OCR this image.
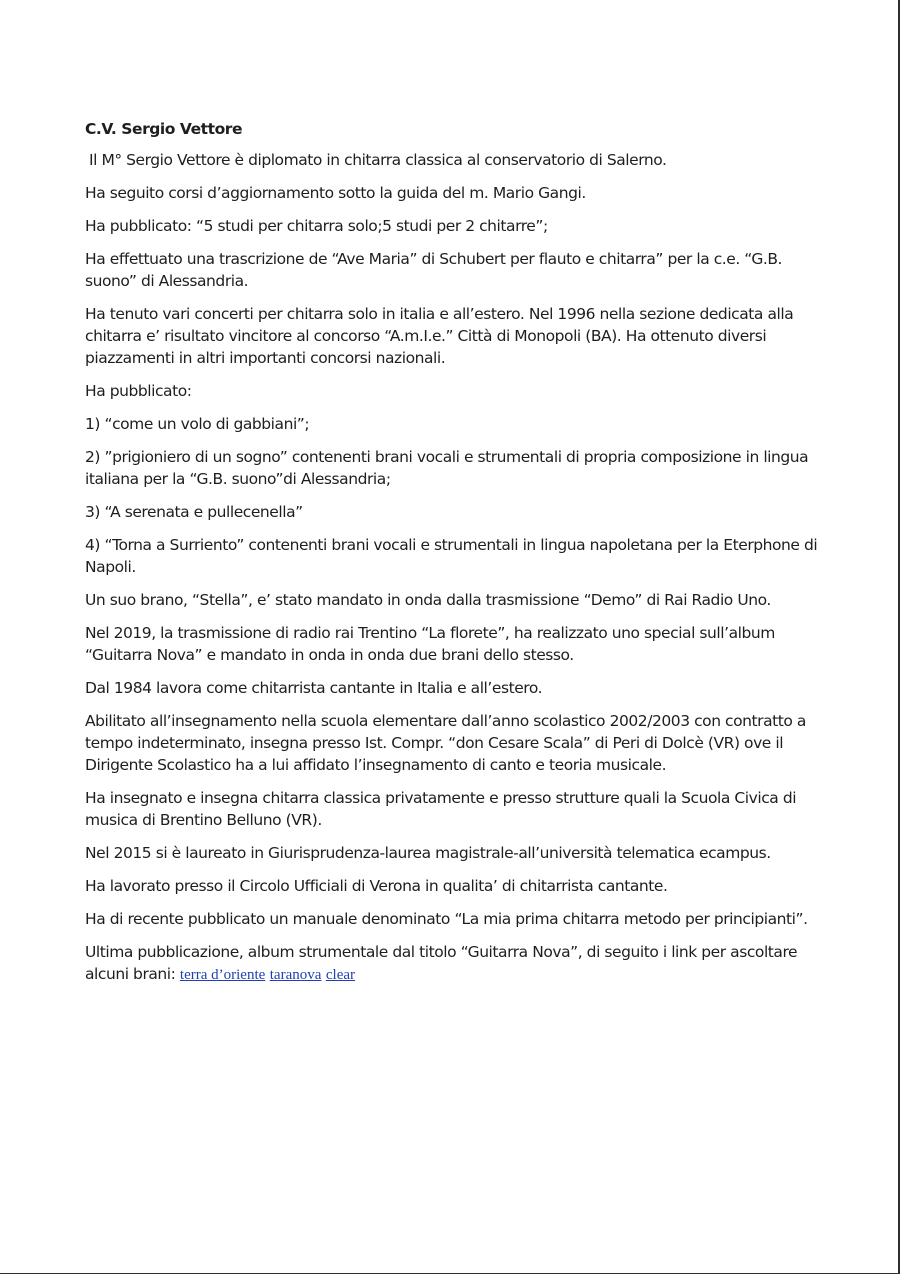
C.V. Sergio Vettore

Il M° Sergio Vettore è diplomato in chitarra classica al conservatorio di Salerno.

Ha seguito corsi d’aggiornamento sotto la guida del m. Mario Gangi.

Ha pubblicato: “5 studi per chitarra solo;5 studi per 2 chitarre”;

Ha effettuato una trascrizione de “Ave Maria” di Schubert per flauto e chitarra” per la c.e. “G.B. suono” di Alessandria.

Ha tenuto vari concerti per chitarra solo in italia e all’estero. Nel 1996 nella sezione dedicata alla chitarra e’ risultato vincitore al concorso “A.m.I.e.” Città di Monopoli (BA). Ha ottenuto diversi piazzamenti in altri importanti concorsi nazionali.

Ha pubblicato:

1) “come un volo di gabbiani”;

2) ”prigioniero di un sogno” contenenti brani vocali e strumentali di propria composizione in lingua italiana per la “G.B. suono”di Alessandria;

3) “A serenata e pullecenella”

4) “Torna a Surriento” contenenti brani vocali e strumentali in lingua napoletana per la Eterphone di Napoli.

Un suo brano, “Stella”, e’ stato mandato in onda dalla trasmissione “Demo” di Rai Radio Uno.

Nel 2019, la trasmissione di radio rai Trentino “La florete”, ha realizzato uno special sull’album “Guitarra Nova” e mandato in onda in onda due brani dello stesso.

Dal 1984 lavora come chitarrista cantante in Italia e all’estero.

Abilitato all’insegnamento nella scuola elementare dall’anno scolastico 2002/2003 con contratto a tempo indeterminato, insegna presso Ist. Compr. “don Cesare Scala” di Peri di Dolcè (VR) ove il Dirigente Scolastico ha a lui affidato l’insegnamento di canto e teoria musicale.

Ha insegnato e insegna chitarra classica privatamente e presso strutture quali la Scuola Civica di musica di Brentino Belluno (VR).

Nel 2015 si è laureato in Giurisprudenza-laurea magistrale-all’università telematica ecampus.

Ha lavorato presso il Circolo Ufficiali di Verona in qualita’ di chitarrista cantante.

Ha di recente pubblicato un manuale denominato “La mia prima chitarra metodo per principianti”.

Ultima pubblicazione, album strumentale dal titolo “Guitarra Nova”, di seguito i link per ascoltare alcuni brani: terra d’oriente taranova clear
